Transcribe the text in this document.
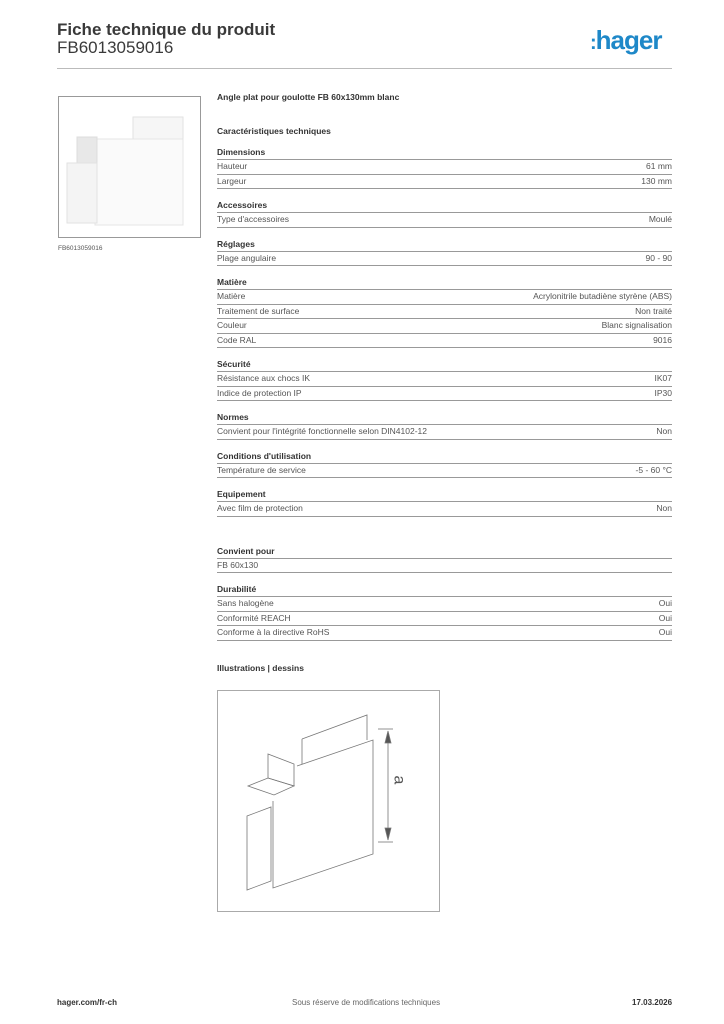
Fiche technique du produit
FB6013059016	:hager
FB6013059016
Angle plat pour goulotte FB 60x130mm blanc
Caractéristiques techniques
Dimensions
Hauteur	61 mm
Largeur	130 mm
Accessoires
Type d'accessoires	Moulé
Réglages
Plage angulaire	90 - 90
Matière
Matière	Acrylonitrile butadiène styrène (ABS)
Traitement de surface	Non traité
Couleur	Blanc signalisation
Code RAL	9016
Sécurité
Résistance aux chocs IK	IK07
Indice de protection IP	IP30
Normes
Convient pour l'intégrité fonctionnelle selon DIN4102-12	Non
Conditions d'utilisation
Température de service	-5 - 60 °C
Equipement
Avec film de protection	Non
Convient pour
FB 60x130
Durabilité
Sans halogène	Oui
Conformité REACH	Oui
Conforme à la directive RoHS	Oui
Illustrations | dessins
a
hager.com/fr-ch	Sous réserve de modifications techniques	17.03.2026
